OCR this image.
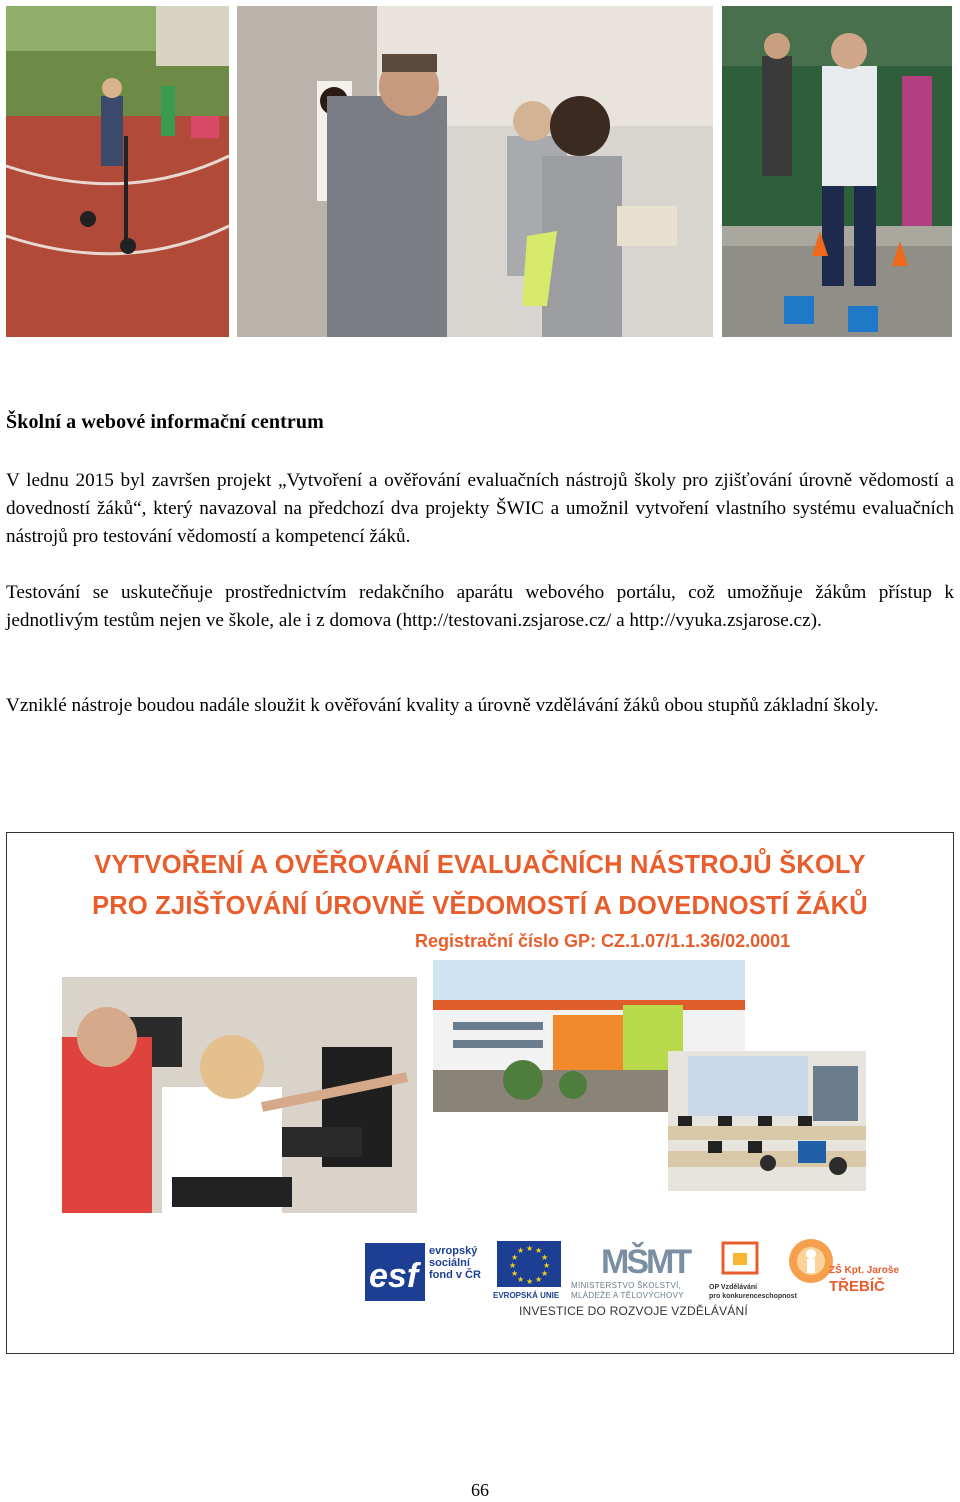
Školní a webové informační centrum
V lednu 2015 byl završen projekt „Vytvoření a ověřování evaluačních nástrojů školy pro zjišťování úrovně vědomostí a dovedností žáků“, který navazoval na předchozí dva projekty ŠWIC a umožnil vytvoření vlastního systému evaluačních nástrojů pro testování vědomostí a kompetencí žáků.
Testování se uskutečňuje prostřednictvím redakčního aparátu webového portálu, což umožňuje žákům přístup k jednotlivým testům nejen ve škole, ale i z domova (http://testovani.zsjarose.cz/ a http://vyuka.zsjarose.cz).
Vzniklé nástroje boudou nadále sloužit k ověřování kvality a úrovně vzdělávání žáků obou stupňů základní školy.
VYTVOŘENÍ A OVĚŘOVÁNÍ EVALUAČNÍCH NÁSTROJŮ ŠKOLY
PRO ZJIŠŤOVÁNÍ ÚROVNĚ VĚDOMOSTÍ A DOVEDNOSTÍ ŽÁKŮ
Registrační číslo GP: CZ.1.07/1.1.36/02.0001
esf
evropský
sociální
fond v ČR
★ ★
★
★
★
★
★
★
★
★
★
★
EVROPSKÁ UNIE
MŠMT
MINISTERSTVO ŠKOLSTVÍ,
MLÁDEŽE A TĚLOVÝCHOVY
OP Vzdělávání
pro konkurenceschopnost
ZŠ Kpt. Jaroše
TŘEBÍČ
INVESTICE DO ROZVOJE VZDĚLÁVÁNÍ
66
